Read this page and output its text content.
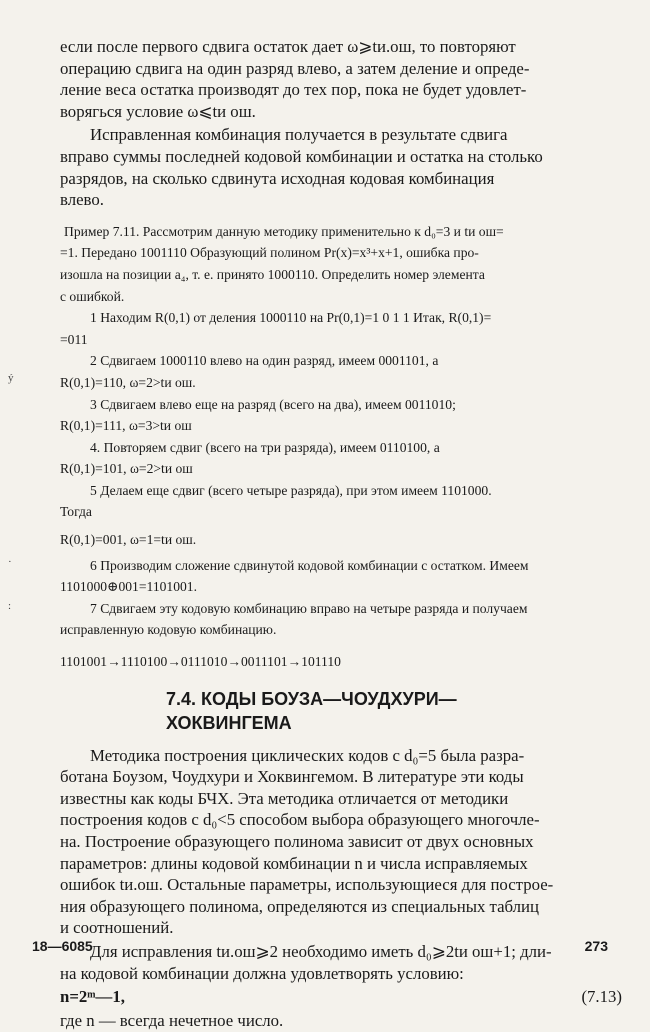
ý
·
:

если после первого сдвига остаток дает ω⩾tи.ош, то повторяют

операцию сдвига на один разряд влево, а затем деление и опреде-

ление веса остатка производят до тех пор, пока не будет удовлет-

ворягься условие ω⩽tи ош.

Исправленная комбинация получается в результате сдвига

вправо суммы последней кодовой комбинации и остатка на столько

разрядов, на сколько сдвинута исходная кодовая комбинация

влево.

Пример 7.11. Рассмотрим данную методику применительно к d₀=3 и tи ош=

=1. Передано 1001110 Образующий полином Pr(x)=x³+x+1, ошибка про-

изошла на позиции a₄, т. е. принято 1000110. Определить номер элемента

с ошибкой.

1 Находим R(0,1) от деления 1000110 на Pr(0,1)=1 0 1 1 Итак, R(0,1)=

=011

2 Сдвигаем 1000110 влево на один разряд, имеем 0001101, а

R(0,1)=110, ω=2>tи ош.

3 Сдвигаем влево еще на разряд (всего на два), имеем 0011010;

R(0,1)=111, ω=3>tи ош

4. Повторяем сдвиг (всего на три разряда), имеем 0110100, а

R(0,1)=101, ω=2>tи ош

5 Делаем еще сдвиг (всего четыре разряда), при этом имеем 1101000.

Тогда

R(0,1)=001, ω=1=tи ош.

6 Производим сложение сдвинутой кодовой комбинации с остатком. Имеем

1101000⊕001=1101001.

7 Сдвигаем эту кодовую комбинацию вправо на четыре разряда и получаем

исправленную кодовую комбинацию.

1101001→1110100→0111010→0011101→101110

7.4. КОДЫ БОУЗА—ЧОУДХУРИ—
ХОКВИНГЕМА

Методика построения циклических кодов с d₀=5 была разра-

ботана Боузом, Чоудхури и Хоквингемом. В литературе эти коды

известны как коды БЧХ. Эта методика отличается от методики

построения кодов с d₀<5 способом выбора образующего многочле-

на. Построение образующего полинома зависит от двух основных

параметров: длины кодовой комбинации n и числа исправляемых

ошибок tи.ош. Остальные параметры, использующиеся для построе-

ния образующего полинома, определяются из специальных таблиц

и соотношений.

Для исправления tи.ош⩾2 необходимо иметь d₀⩾2tи ош+1; дли-

на кодовой комбинации должна удовлетворять условию:

n=2ᵐ—1,	(7.13)

где n — всегда нечетное число.

18—6085	273
